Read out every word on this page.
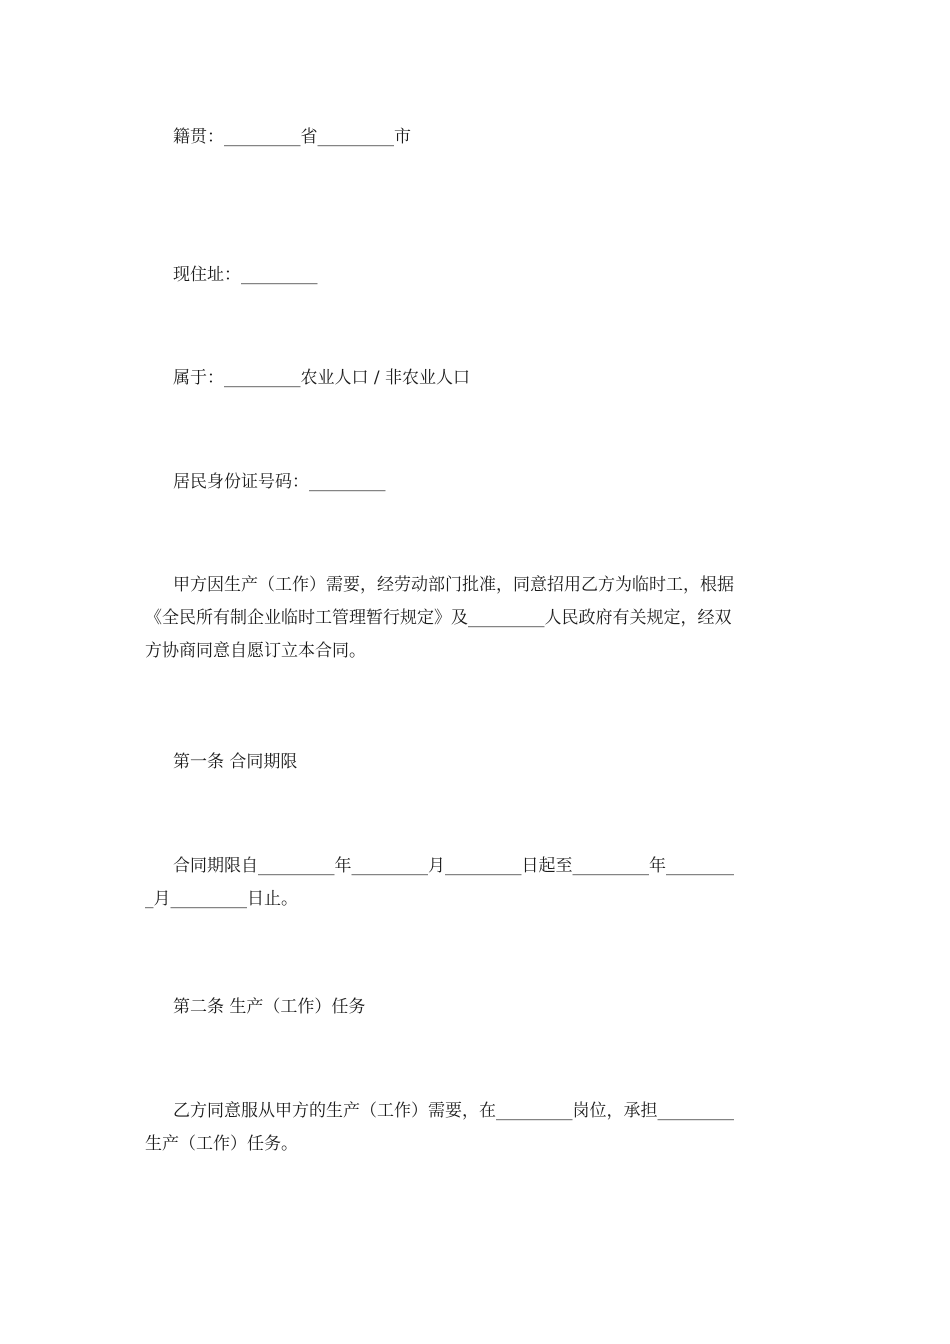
籍贯：_________省_________市
现住址：_________
属于：_________农业人口 / 非农业人口
居民身份证号码：_________
甲方因生产（工作）需要，经劳动部门批准，同意招用乙方为临时工，根据
《全民所有制企业临时工管理暂行规定》及_________人民政府有关规定，经双
方协商同意自愿订立本合同。
第一条 合同期限
合同期限自_________年_________月_________日起至_________年________
_月_________日止。
第二条 生产（工作）任务
乙方同意服从甲方的生产（工作）需要，在_________岗位，承担_________
生产（工作）任务。
